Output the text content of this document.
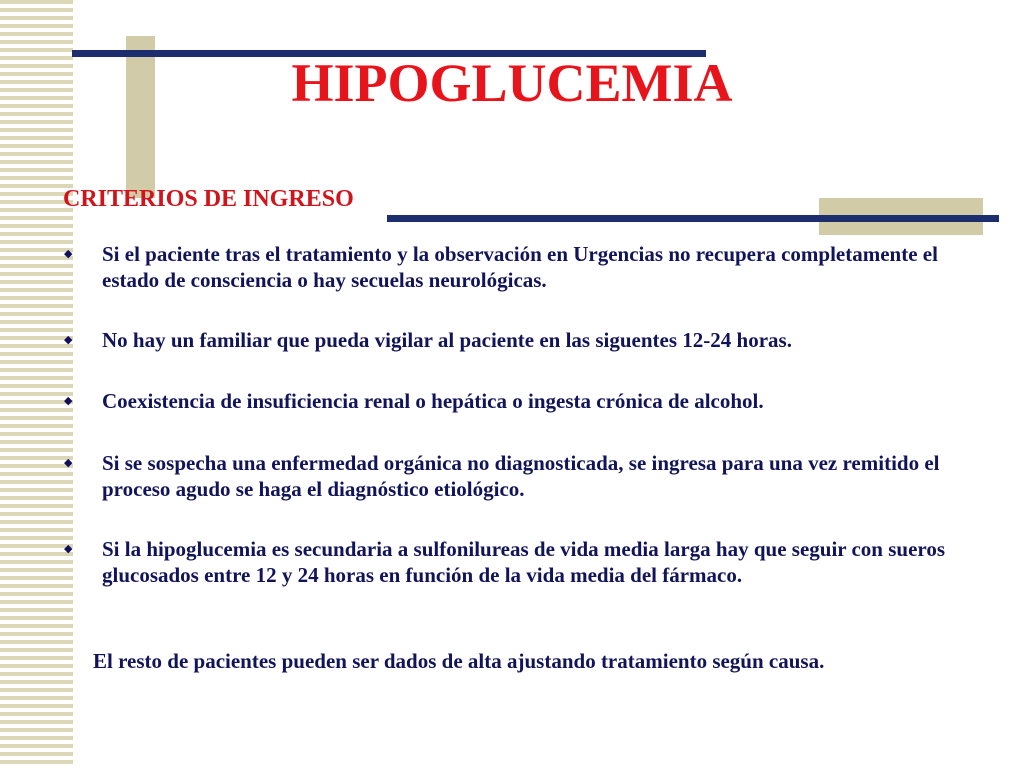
HIPOGLUCEMIA
CRITERIOS DE INGRESO
◆	Si el paciente tras el tratamiento y la observación en Urgencias no recupera completamente el estado de consciencia o hay secuelas neurológicas.
◆	No hay un familiar que pueda vigilar al paciente en las siguentes 12-24 horas.
◆	Coexistencia de insuficiencia renal o hepática o ingesta crónica de alcohol.
◆	Si se sospecha una enfermedad orgánica no diagnosticada, se ingresa para una vez remitido el proceso agudo se haga el diagnóstico etiológico.
◆	Si la hipoglucemia es secundaria a sulfonilureas de vida media larga hay que seguir con sueros glucosados entre 12 y 24 horas en función de la vida media del fármaco.

El resto de pacientes pueden ser dados de alta ajustando tratamiento según causa.
